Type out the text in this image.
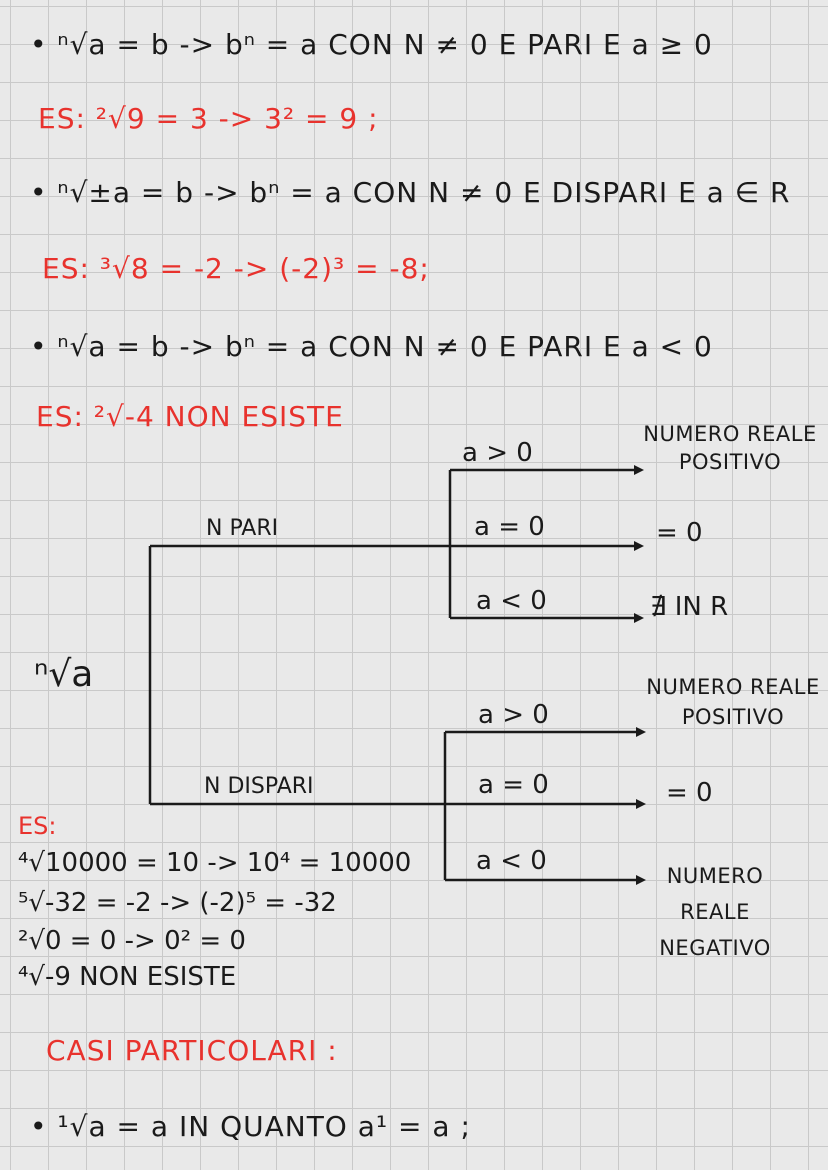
• ⁿ√a = b -> bⁿ = a CON N ≠ 0 E PARI E a ≥ 0
ES: ²√9 = 3 -> 3² = 9 ;
• ⁿ√±a = b -> bⁿ = a CON N ≠ 0 E DISPARI E a ∈ R
ES: ³√8 = -2 -> (-2)³ = -8;
• ⁿ√a = b -> bⁿ = a CON N ≠ 0 E PARI E a < 0
ES: ²√-4 NON ESISTE
ⁿ√a
N PARI
N DISPARI
a > 0
a = 0
a < 0
NUMERO REALE POSITIVO
= 0
∄ IN R
a > 0
a = 0
a < 0
NUMERO REALE POSITIVO
= 0
NUMERO REALE NEGATIVO
ES:
⁴√10000 = 10 -> 10⁴ = 10000
⁵√-32 = -2 -> (-2)⁵ = -32
²√0 = 0 -> 0² = 0
⁴√-9 NON ESISTE
CASI PARTICOLARI :
• ¹√a = a IN QUANTO a¹ = a ;
